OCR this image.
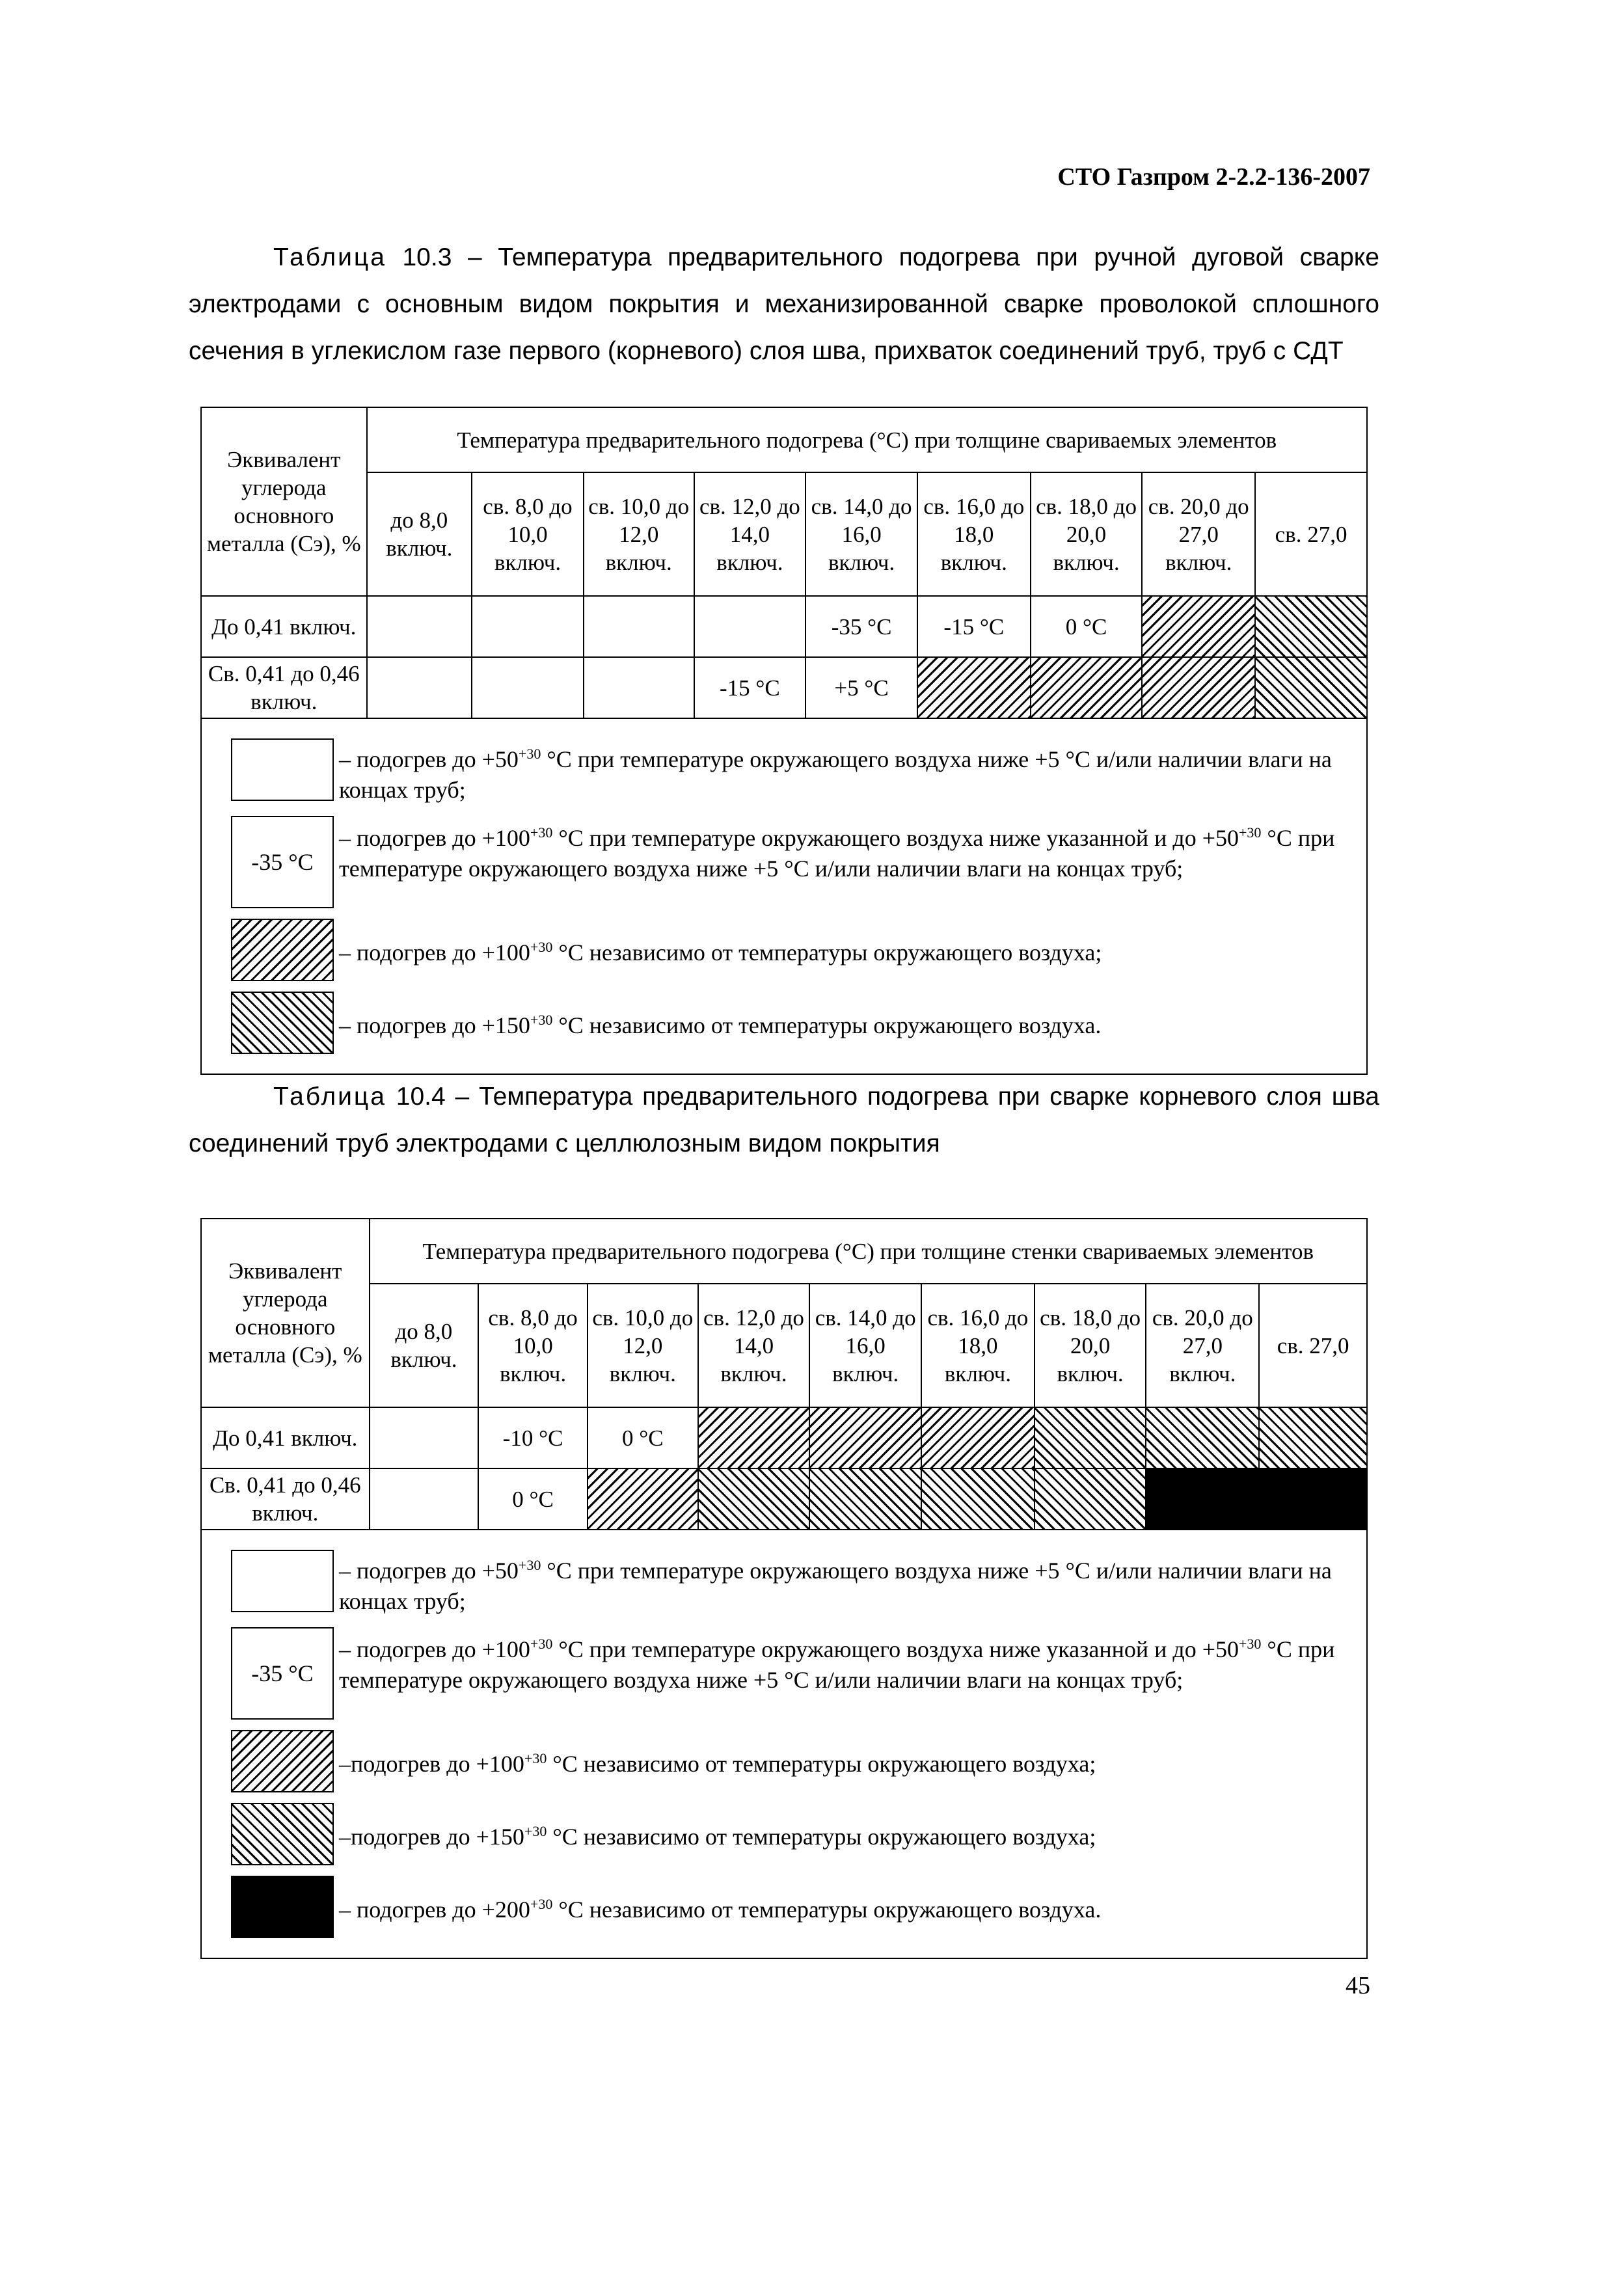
СТО Газпром 2-2.2-136-2007
Таблица 10.3 – Температура предварительного подогрева при ручной дуговой сварке электродами с основным видом покрытия и механизированной сварке проволокой сплошного сечения в углекислом газе первого (корневого) слоя шва, прихваток соединений труб, труб с СДТ
Эквивалент углерода основного металла (Cэ), %	Температура предварительного подогрева (°С) при толщине свариваемых элементов								
	до 8,0 включ.	св. 8,0 до 10,0 включ.	св. 10,0 до 12,0 включ.	св. 12,0 до 14,0 включ.	св. 14,0 до 16,0 включ.	св. 16,0 до 18,0 включ.	св. 18,0 до 20,0 включ.	св. 20,0 до 27,0 включ.	св. 27,0
До 0,41 включ.					-35 °С	-15 °С	0 °С		
Св. 0,41 до 0,46 включ.				-15 °С	+5 °С				
– подогрев до $+50^{+30}$ °С при температуре окружающего воздуха ниже +5 °С и/или наличии влаги на концах труб;
-35 °С
– подогрев до $+100^{+30}$ °С при температуре окружающего воздуха ниже указанной и до $+50^{+30}$ °С при температуре окружающего воздуха ниже +5 °С и/или наличии влаги на концах труб;
– подогрев до $+100^{+30}$ °С независимо от температуры окружающего воздуха;
– подогрев до $+150^{+30}$ °С независимо от температуры окружающего воздуха.
Таблица 10.4 – Температура предварительного подогрева при сварке корневого слоя шва соединений труб электродами с целлюлозным видом покрытия
Эквивалент углерода основного металла (Cэ), %	Температура предварительного подогрева (°С) при толщине стенки свариваемых элементов								
	до 8,0 включ.	св. 8,0 до 10,0 включ.	св. 10,0 до 12,0 включ.	св. 12,0 до 14,0 включ.	св. 14,0 до 16,0 включ.	св. 16,0 до 18,0 включ.	св. 18,0 до 20,0 включ.	св. 20,0 до 27,0 включ.	св. 27,0
До 0,41 включ.		-10 °С	0 °С						
Св. 0,41 до 0,46 включ.		0 °С							
– подогрев до $+50^{+30}$ °С при температуре окружающего воздуха ниже +5 °С и/или наличии влаги на концах труб;
-35 °С
– подогрев до $+100^{+30}$ °С при температуре окружающего воздуха ниже указанной и до $+50^{+30}$ °С при температуре окружающего воздуха ниже +5 °С и/или наличии влаги на концах труб;
–подогрев до $+100^{+30}$ °С независимо от температуры окружающего воздуха;
–подогрев до $+150^{+30}$ °С независимо от температуры окружающего воздуха;
– подогрев до $+200^{+30}$ °С независимо от температуры окружающего воздуха.
45
